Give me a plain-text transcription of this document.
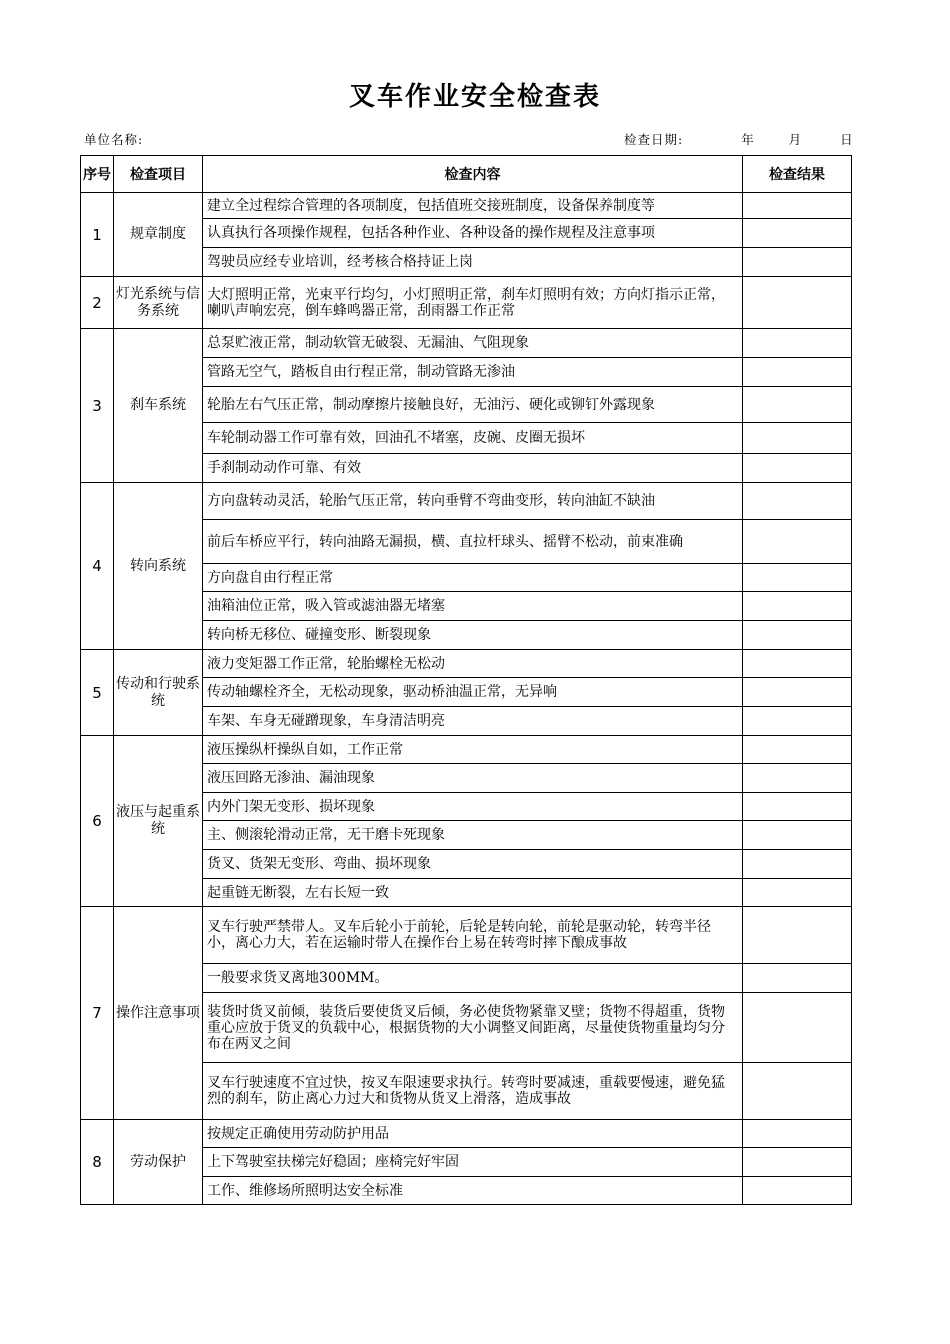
叉车作业安全检查表
单位名称:	检查日期:	年	月	日
序号	检查项目	检查内容	检查结果
1	规章制度	建立全过程综合管理的各项制度，包括值班交接班制度，设备保养制度等	
		认真执行各项操作规程，包括各种作业、各种设备的操作规程及注意事项	
		驾驶员应经专业培训，经考核合格持证上岗	
2	灯光系统与信务系统	大灯照明正常，光束平行均匀，小灯照明正常，刹车灯照明有效；方向灯指示正常，喇叭声响宏亮，倒车蜂鸣器正常，刮雨器工作正常	
3	刹车系统	总泵贮液正常，制动软管无破裂、无漏油、气阻现象	
		管路无空气，踏板自由行程正常，制动管路无渗油	
		轮胎左右气压正常，制动摩擦片接触良好，无油污、硬化或铆钉外露现象	
		车轮制动器工作可靠有效，回油孔不堵塞，皮碗、皮圈无损坏	
		手刹制动动作可靠、有效	
4	转向系统	方向盘转动灵活，轮胎气压正常，转向垂臂不弯曲变形，转向油缸不缺油	
		前后车桥应平行，转向油路无漏损，横、直拉杆球头、摇臂不松动，前束准确	
		方向盘自由行程正常	
		油箱油位正常，吸入管或滤油器无堵塞	
		转向桥无移位、碰撞变形、断裂现象	
5	传动和行驶系统	液力变矩器工作正常，轮胎螺栓无松动	
		传动轴螺栓齐全，无松动现象，驱动桥油温正常，无异响	
		车架、车身无碰蹭现象，车身清洁明亮	
6	液压与起重系统	液压操纵杆操纵自如，工作正常	
		液压回路无渗油、漏油现象	
		内外门架无变形、损坏现象	
		主、侧滚轮滑动正常，无干磨卡死现象	
		货叉、货架无变形、弯曲、损坏现象	
		起重链无断裂，左右长短一致	
7	操作注意事项	叉车行驶严禁带人。叉车后轮小于前轮，后轮是转向轮，前轮是驱动轮，转弯半径小，离心力大，若在运输时带人在操作台上易在转弯时摔下酿成事故	
		一般要求货叉离地300MM。	
		装货时货叉前倾，装货后要使货叉后倾，务必使货物紧靠叉壁；货物不得超重，货物重心应放于货叉的负载中心，根据货物的大小调整叉间距离，尽量使货物重量均匀分布在两叉之间	
		叉车行驶速度不宜过快，按叉车限速要求执行。转弯时要减速，重载要慢速，避免猛烈的刹车，防止离心力过大和货物从货叉上滑落，造成事故	
8	劳动保护	按规定正确使用劳动防护用品	
		上下驾驶室扶梯完好稳固；座椅完好牢固	
		工作、维修场所照明达安全标准	
